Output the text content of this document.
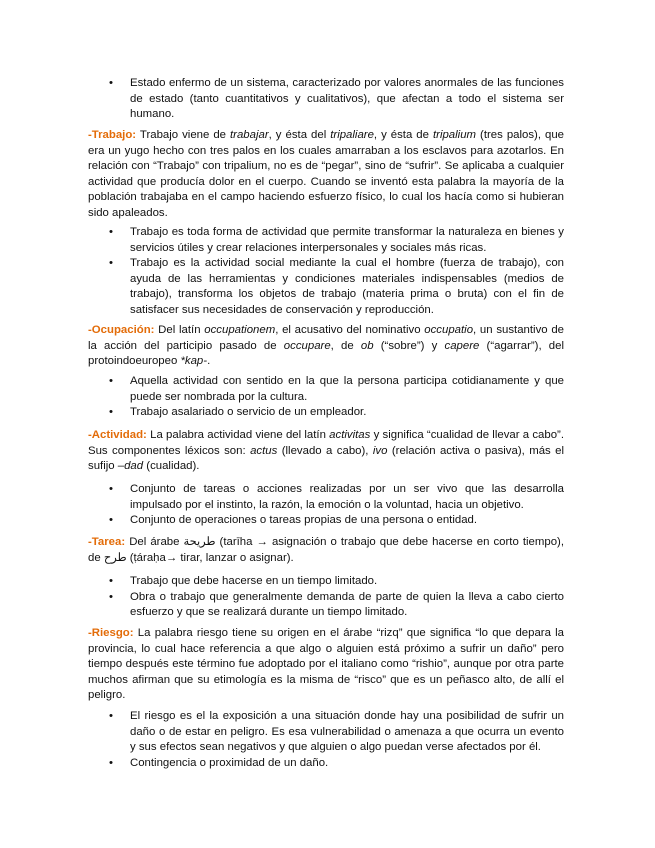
• Estado enfermo de un sistema, caracterizado por valores anormales de las funciones de estado (tanto cuantitativos y cualitativos), que afectan a todo el sistema ser humano.

-Trabajo: Trabajo viene de trabajar, y ésta del tripaliare, y ésta de tripalium (tres palos), que era un yugo hecho con tres palos en los cuales amarraban a los esclavos para azotarlos. En relación con “Trabajo” con tripalium, no es de “pegar”, sino de “sufrir”. Se aplicaba a cualquier actividad que producía dolor en el cuerpo. Cuando se inventó esta palabra la mayoría de la población trabajaba en el campo haciendo esfuerzo físico, lo cual los hacía como si hubieran sido apaleados.

• Trabajo es toda forma de actividad que permite transformar la naturaleza en bienes y servicios útiles y crear relaciones interpersonales y sociales más ricas.
• Trabajo es la actividad social mediante la cual el hombre (fuerza de trabajo), con ayuda de las herramientas y condiciones materiales indispensables (medios de trabajo), transforma los objetos de trabajo (materia prima o bruta) con el fin de satisfacer sus necesidades de conservación y reproducción.

-Ocupación: Del latín occupationem, el acusativo del nominativo occupatio, un sustantivo de la acción del participio pasado de occupare, de ob (“sobre”) y capere (“agarrar”), del protoindoeuropeo *kap-.

• Aquella actividad con sentido en la que la persona participa cotidianamente y que puede ser nombrada por la cultura.
• Trabajo asalariado o servicio de un empleador.

-Actividad: La palabra actividad viene del latín activitas y significa “cualidad de llevar a cabo”. Sus componentes léxicos son: actus (llevado a cabo), ivo (relación activa o pasiva), más el sufijo –dad (cualidad).

• Conjunto de tareas o acciones realizadas por un ser vivo que las desarrolla impulsado por el instinto, la razón, la emoción o la voluntad, hacia un objetivo.
• Conjunto de operaciones o tareas propias de una persona o entidad.

-Tarea: Del árabe طريحة (tarīha → asignación o trabajo que debe hacerse en corto tiempo), de طرح (ṭáraḥa→ tirar, lanzar o asignar).

• Trabajo que debe hacerse en un tiempo limitado.
• Obra o trabajo que generalmente demanda de parte de quien la lleva a cabo cierto esfuerzo y que se realizará durante un tiempo limitado.

-Riesgo: La palabra riesgo tiene su origen en el árabe “rizq” que significa “lo que depara la provincia, lo cual hace referencia a que algo o alguien está próximo a sufrir un daño” pero tiempo después este término fue adoptado por el italiano como “rishio”, aunque por otra parte muchos afirman que su etimología es la misma de “risco” que es un peñasco alto, de allí el peligro.

• El riesgo es el la exposición a una situación donde hay una posibilidad de sufrir un daño o de estar en peligro. Es esa vulnerabilidad o amenaza a que ocurra un evento y sus efectos sean negativos y que alguien o algo puedan verse afectados por él.
• Contingencia o proximidad de un daño.
